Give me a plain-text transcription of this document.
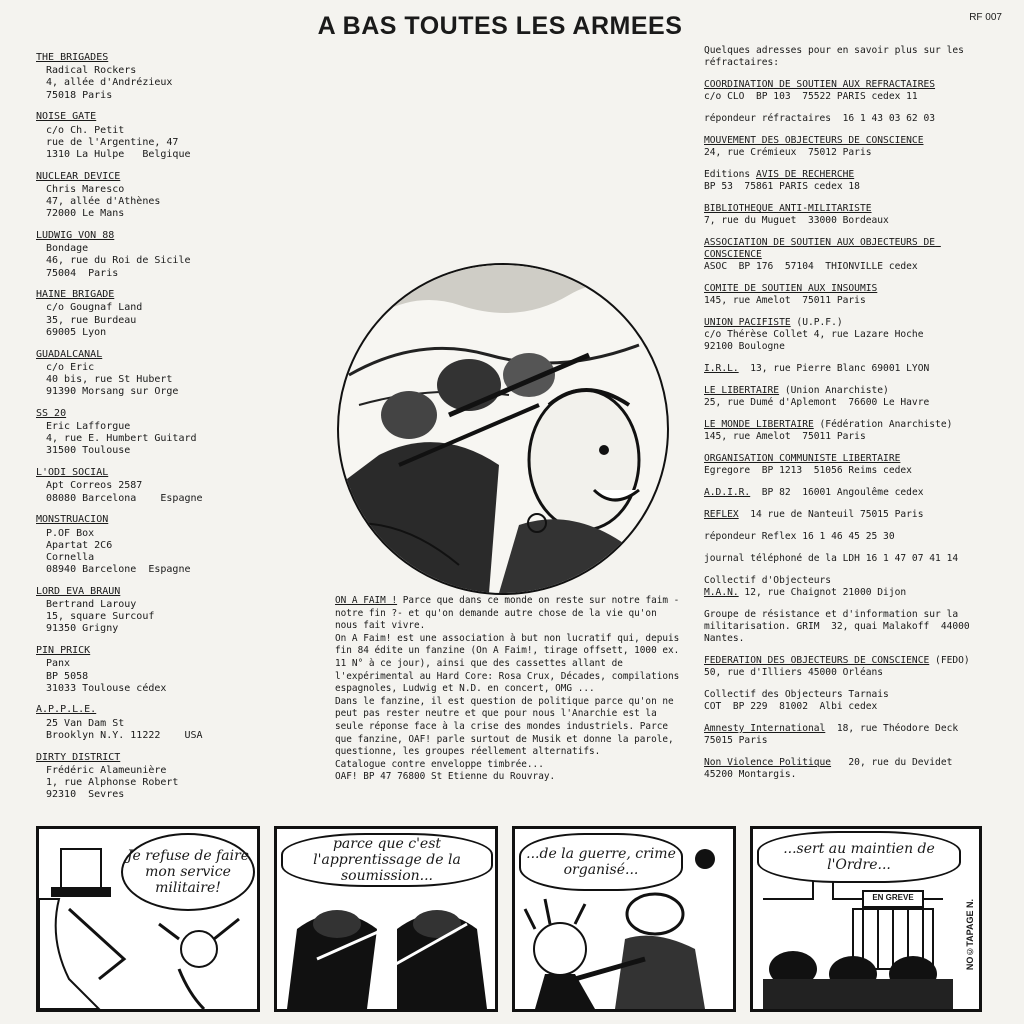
A BAS TOUTES LES ARMEES	RF 007
THE BRIGADES
Radical Rockers
4, allée d'Andrézieux
75018 Paris
NOISE GATE
c/o Ch. Petit
rue de l'Argentine, 47
1310 La Hulpe   Belgique
NUCLEAR DEVICE
Chris Maresco
47, allée d'Athènes
72000 Le Mans
LUDWIG VON 88
Bondage
46, rue du Roi de Sicile
75004  Paris
HAINE BRIGADE
c/o Gougnaf Land
35, rue Burdeau
69005 Lyon
GUADALCANAL
c/o Eric
40 bis, rue St Hubert
91390 Morsang sur Orge
SS 20
Eric Lafforgue
4, rue E. Humbert Guitard
31500 Toulouse
L'ODI SOCIAL
Apt Correos 2587
08080 Barcelona    Espagne
MONSTRUACION
P.OF Box
Apartat 2C6
Cornella
08940 Barcelone  Espagne
LORD EVA BRAUN
Bertrand Larouy
15, square Surcouf
91350 Grigny
PIN PRICK
Panx
BP 5058
31033 Toulouse cédex
A.P.P.L.E.
25 Van Dam St
Brooklyn N.Y. 11222    USA
DIRTY DISTRICT
Frédéric Alameunière
1, rue Alphonse Robert
92310  Sevres
Quelques adresses pour en savoir plus sur les réfractaires:
COORDINATION DE SOUTIEN AUX REFRACTAIRES
c/o CLO  BP 103  75522 PARIS cedex 11
répondeur réfractaires  16 1 43 03 62 03
MOUVEMENT DES OBJECTEURS DE CONSCIENCE
24, rue Crémieux  75012 Paris
Editions AVIS DE RECHERCHE
BP 53  75861 PARIS cedex 18
BIBLIOTHEQUE ANTI-MILITARISTE
7, rue du Muguet  33000 Bordeaux
ASSOCIATION DE SOUTIEN AUX OBJECTEURS DE CONSCIENCE
ASOC  BP 176  57104  THIONVILLE cedex
COMITE DE SOUTIEN AUX INSOUMIS
145, rue Amelot  75011 Paris
UNION PACIFISTE (U.P.F.)
c/o Thérèse Collet 4, rue Lazare Hoche
92100 Boulogne
I.R.L.  13, rue Pierre Blanc 69001 LYON
LE LIBERTAIRE (Union Anarchiste)
25, rue Dumé d'Aplemont  76600 Le Havre
LE MONDE LIBERTAIRE (Fédération Anarchiste)
145, rue Amelot  75011 Paris
ORGANISATION COMMUNISTE LIBERTAIRE
Egregore  BP 1213  51056 Reims cedex
A.D.I.R.  BP 82  16001 Angoulême cedex
REFLEX  14 rue de Nanteuil 75015 Paris
répondeur Reflex 16 1 46 45 25 30
journal téléphoné de la LDH 16 1 47 07 41 14
Collectif d'Objecteurs
M.A.N. 12, rue Chaignot 21000 Dijon
Groupe de résistance et d'information sur la militarisation. GRIM  32, quai Malakoff  44000 Nantes.
FEDERATION DES OBJECTEURS DE CONSCIENCE (FEDO)
50, rue d'Illiers 45000 Orléans
Collectif des Objecteurs Tarnais
COT  BP 229  81002  Albi cedex
Amnesty International  18, rue Théodore Deck
75015 Paris
Non Violence Politique   20, rue du Devidet
45200 Montargis.

ON A FAIM ! Parce que dans ce monde on reste sur notre faim -notre fin ?- et qu'on demande autre chose de la vie qu'on nous fait vivre.

On A Faim! est une association à but non lucratif qui, depuis fin 84 édite un fanzine (On A Faim!, tirage offsett, 1000 ex. 11 N° à ce jour), ainsi que des cassettes allant de l'expérimental au Hard Core: Rosa Crux, Décades, compilations espagnoles, Ludwig et N.D. en concert, OMG ...

Dans le fanzine, il est question de politique parce qu'on ne peut pas rester neutre et que pour nous l'Anarchie est la seule réponse face à la crise des mondes industriels. Parce que fanzine, OAF! parle surtout de Musik et donne la parole, questionne, les groupes réellement alternatifs.

Catalogue contre enveloppe timbrée...

OAF! BP 47 76800 St Etienne du Rouvray.

Je refuse de faire mon service militaire!
parce que c'est l'apprentissage de la soumission...
...de la guerre, crime organisé...
EN GREVE
...sert au maintien de l'Ordre...
NO©TAPAGE N.
